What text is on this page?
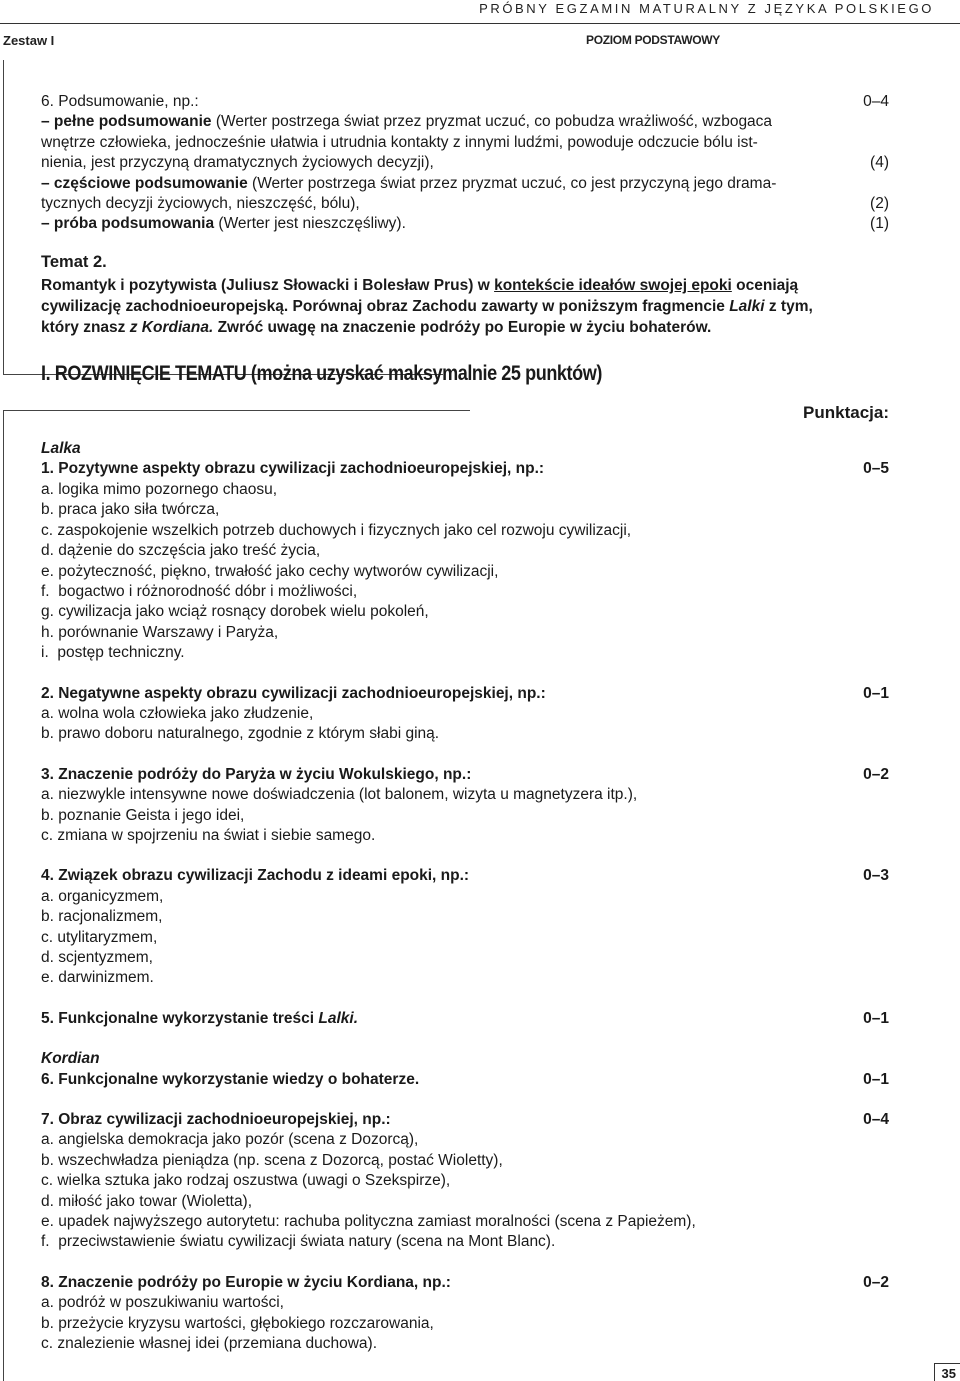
PRÓBNY EGZAMIN MATURALNY Z JĘZYKA POLSKIEGO
Zestaw I	POZIOM PODSTAWOWY
6. Podsumowanie, np.:	0–4
– pełne podsumowanie (Werter postrzega świat przez pryzmat uczuć, co pobudza wrażliwość, wzbogaca
wnętrze człowieka, jednocześnie ułatwia i utrudnia kontakty z innymi ludźmi, powoduje odczucie bólu ist-
nienia, jest przyczyną dramatycznych życiowych decyzji),	(4)
– częściowe podsumowanie (Werter postrzega świat przez pryzmat uczuć, co jest przyczyną jego drama-
tycznych decyzji życiowych, nieszczęść, bólu),	(2)
– próba podsumowania (Werter jest nieszczęśliwy).	(1)
Temat 2.
Romantyk i pozytywista (Juliusz Słowacki i Bolesław Prus) w kontekście ideałów swojej epoki oceniają
cywilizację zachodnioeuropejską. Porównaj obraz Zachodu zawarty w poniższym fragmencie Lalki z tym,
który znasz z Kordiana. Zwróć uwagę na znaczenie podróży po Europie w życiu bohaterów.
I. ROZWINIĘCIE TEMATU (można uzyskać maksymalnie 25 punktów)
Punktacja:
Lalka
1. Pozytywne aspekty obrazu cywilizacji zachodnioeuropejskiej, np.:	0–5
a. logika mimo pozornego chaosu,
b. praca jako siła twórcza,
c. zaspokojenie wszelkich potrzeb duchowych i fizycznych jako cel rozwoju cywilizacji,
d. dążenie do szczęścia jako treść życia,
e. pożyteczność, piękno, trwałość jako cechy wytworów cywilizacji,
f.  bogactwo i różnorodność dóbr i możliwości,
g. cywilizacja jako wciąż rosnący dorobek wielu pokoleń,
h. porównanie Warszawy i Paryża,
i.  postęp techniczny.
2. Negatywne aspekty obrazu cywilizacji zachodnioeuropejskiej, np.:	0–1
a. wolna wola człowieka jako złudzenie,
b. prawo doboru naturalnego, zgodnie z którym słabi giną.
3. Znaczenie podróży do Paryża w życiu Wokulskiego, np.:	0–2
a. niezwykle intensywne nowe doświadczenia (lot balonem, wizyta u magnetyzera itp.),
b. poznanie Geista i jego idei,
c. zmiana w spojrzeniu na świat i siebie samego.
4. Związek obrazu cywilizacji Zachodu z ideami epoki, np.:	0–3
a. organicyzmem,
b. racjonalizmem,
c. utylitaryzmem,
d. scjentyzmem,
e. darwinizmem.
5. Funkcjonalne wykorzystanie treści Lalki.	0–1
Kordian
6. Funkcjonalne wykorzystanie wiedzy o bohaterze.	0–1
7. Obraz cywilizacji zachodnioeuropejskiej, np.:	0–4
a. angielska demokracja jako pozór (scena z Dozorcą),
b. wszechwładza pieniądza (np. scena z Dozorcą, postać Wioletty),
c. wielka sztuka jako rodzaj oszustwa (uwagi o Szekspirze),
d. miłość jako towar (Wioletta),
e. upadek najwyższego autorytetu: rachuba polityczna zamiast moralności (scena z Papieżem),
f.  przeciwstawienie światu cywilizacji świata natury (scena na Mont Blanc).
8. Znaczenie podróży po Europie w życiu Kordiana, np.:	0–2
a. podróż w poszukiwaniu wartości,
b. przeżycie kryzysu wartości, głębokiego rozczarowania,
c. znalezienie własnej idei (przemiana duchowa).
35
